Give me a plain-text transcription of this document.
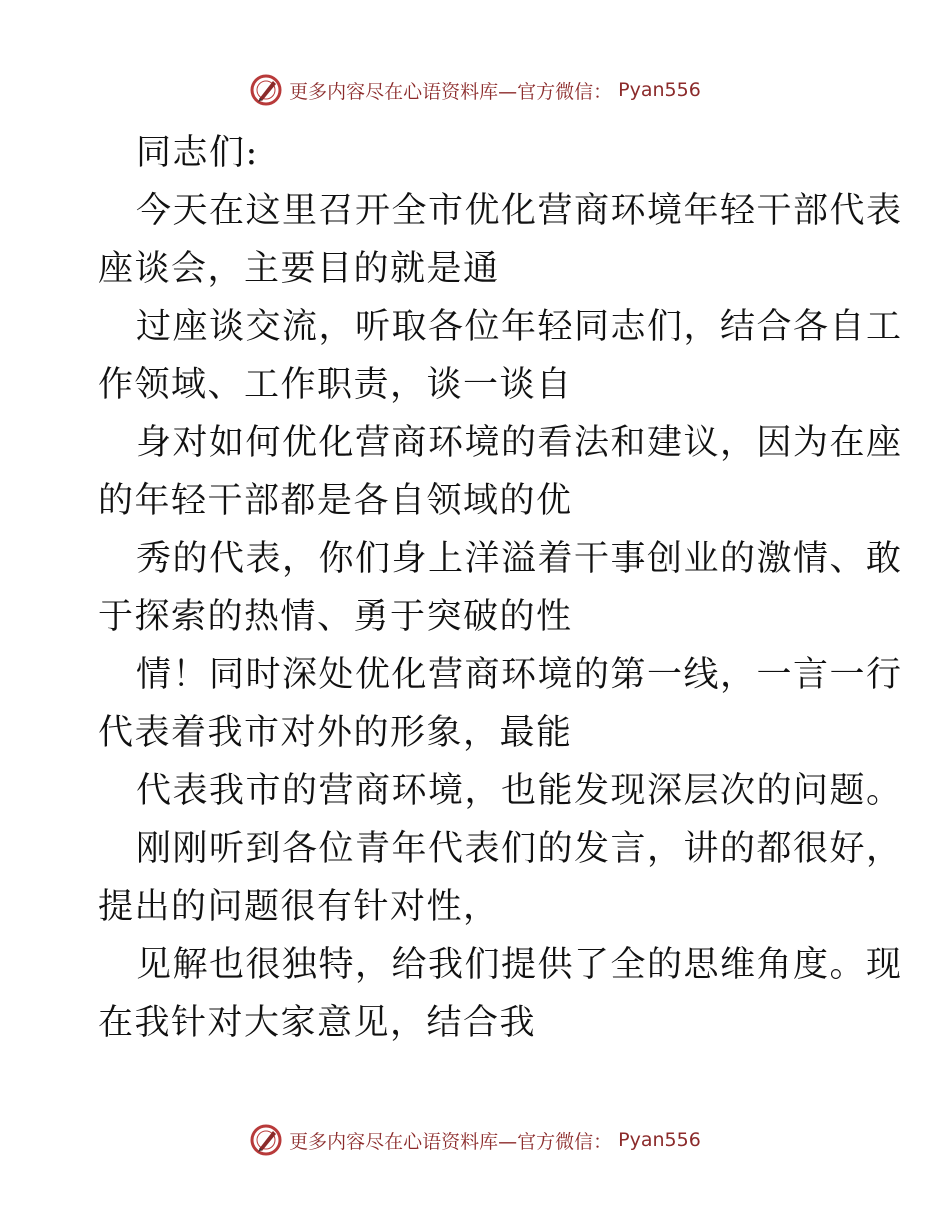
更多内容尽在心语资料库—官方微信： Pyan556
同志们:
今天在这里召开全市优化营商环境年轻干部代表
座谈会，主要目的就是通
过座谈交流，听取各位年轻同志们，结合各自工
作领域、工作职责，谈一谈自
身对如何优化营商环境的看法和建议，因为在座
的年轻干部都是各自领域的优
秀的代表，你们身上洋溢着干事创业的激情、敢
于探索的热情、勇于突破的性
情！同时深处优化营商环境的第一线，一言一行
代表着我市对外的形象，最能
代表我市的营商环境，也能发现深层次的问题。
刚刚听到各位青年代表们的发言，讲的都很好，
提出的问题很有针对性，
见解也很独特，给我们提供了全的思维角度。现
在我针对大家意见，结合我
更多内容尽在心语资料库—官方微信： Pyan556
